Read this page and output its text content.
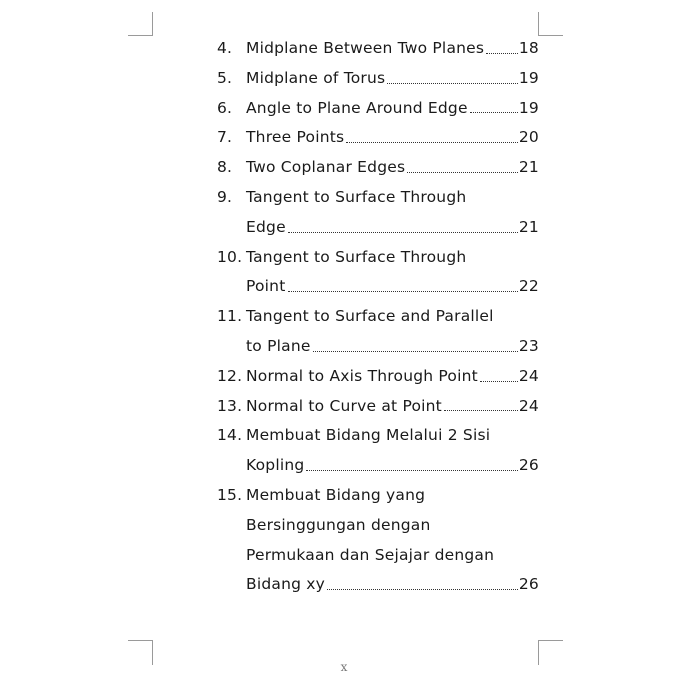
4. Midplane Between Two Planes 18
5. Midplane of Torus	19
6. Angle to Plane Around Edge	19
7. Three Points	20
8. Two Coplanar Edges	21
9. Tangent to Surface Through
Edge	21
10. Tangent to Surface Through
Point	22
11. Tangent to Surface and Parallel
to Plane	23
12. Normal to Axis Through Point	24
13. Normal to Curve at Point	24
14. Membuat Bidang Melalui 2 Sisi
Kopling	26
15. Membuat Bidang yang
Bersinggungan dengan
Permukaan dan Sejajar dengan
Bidang xy	26
x
